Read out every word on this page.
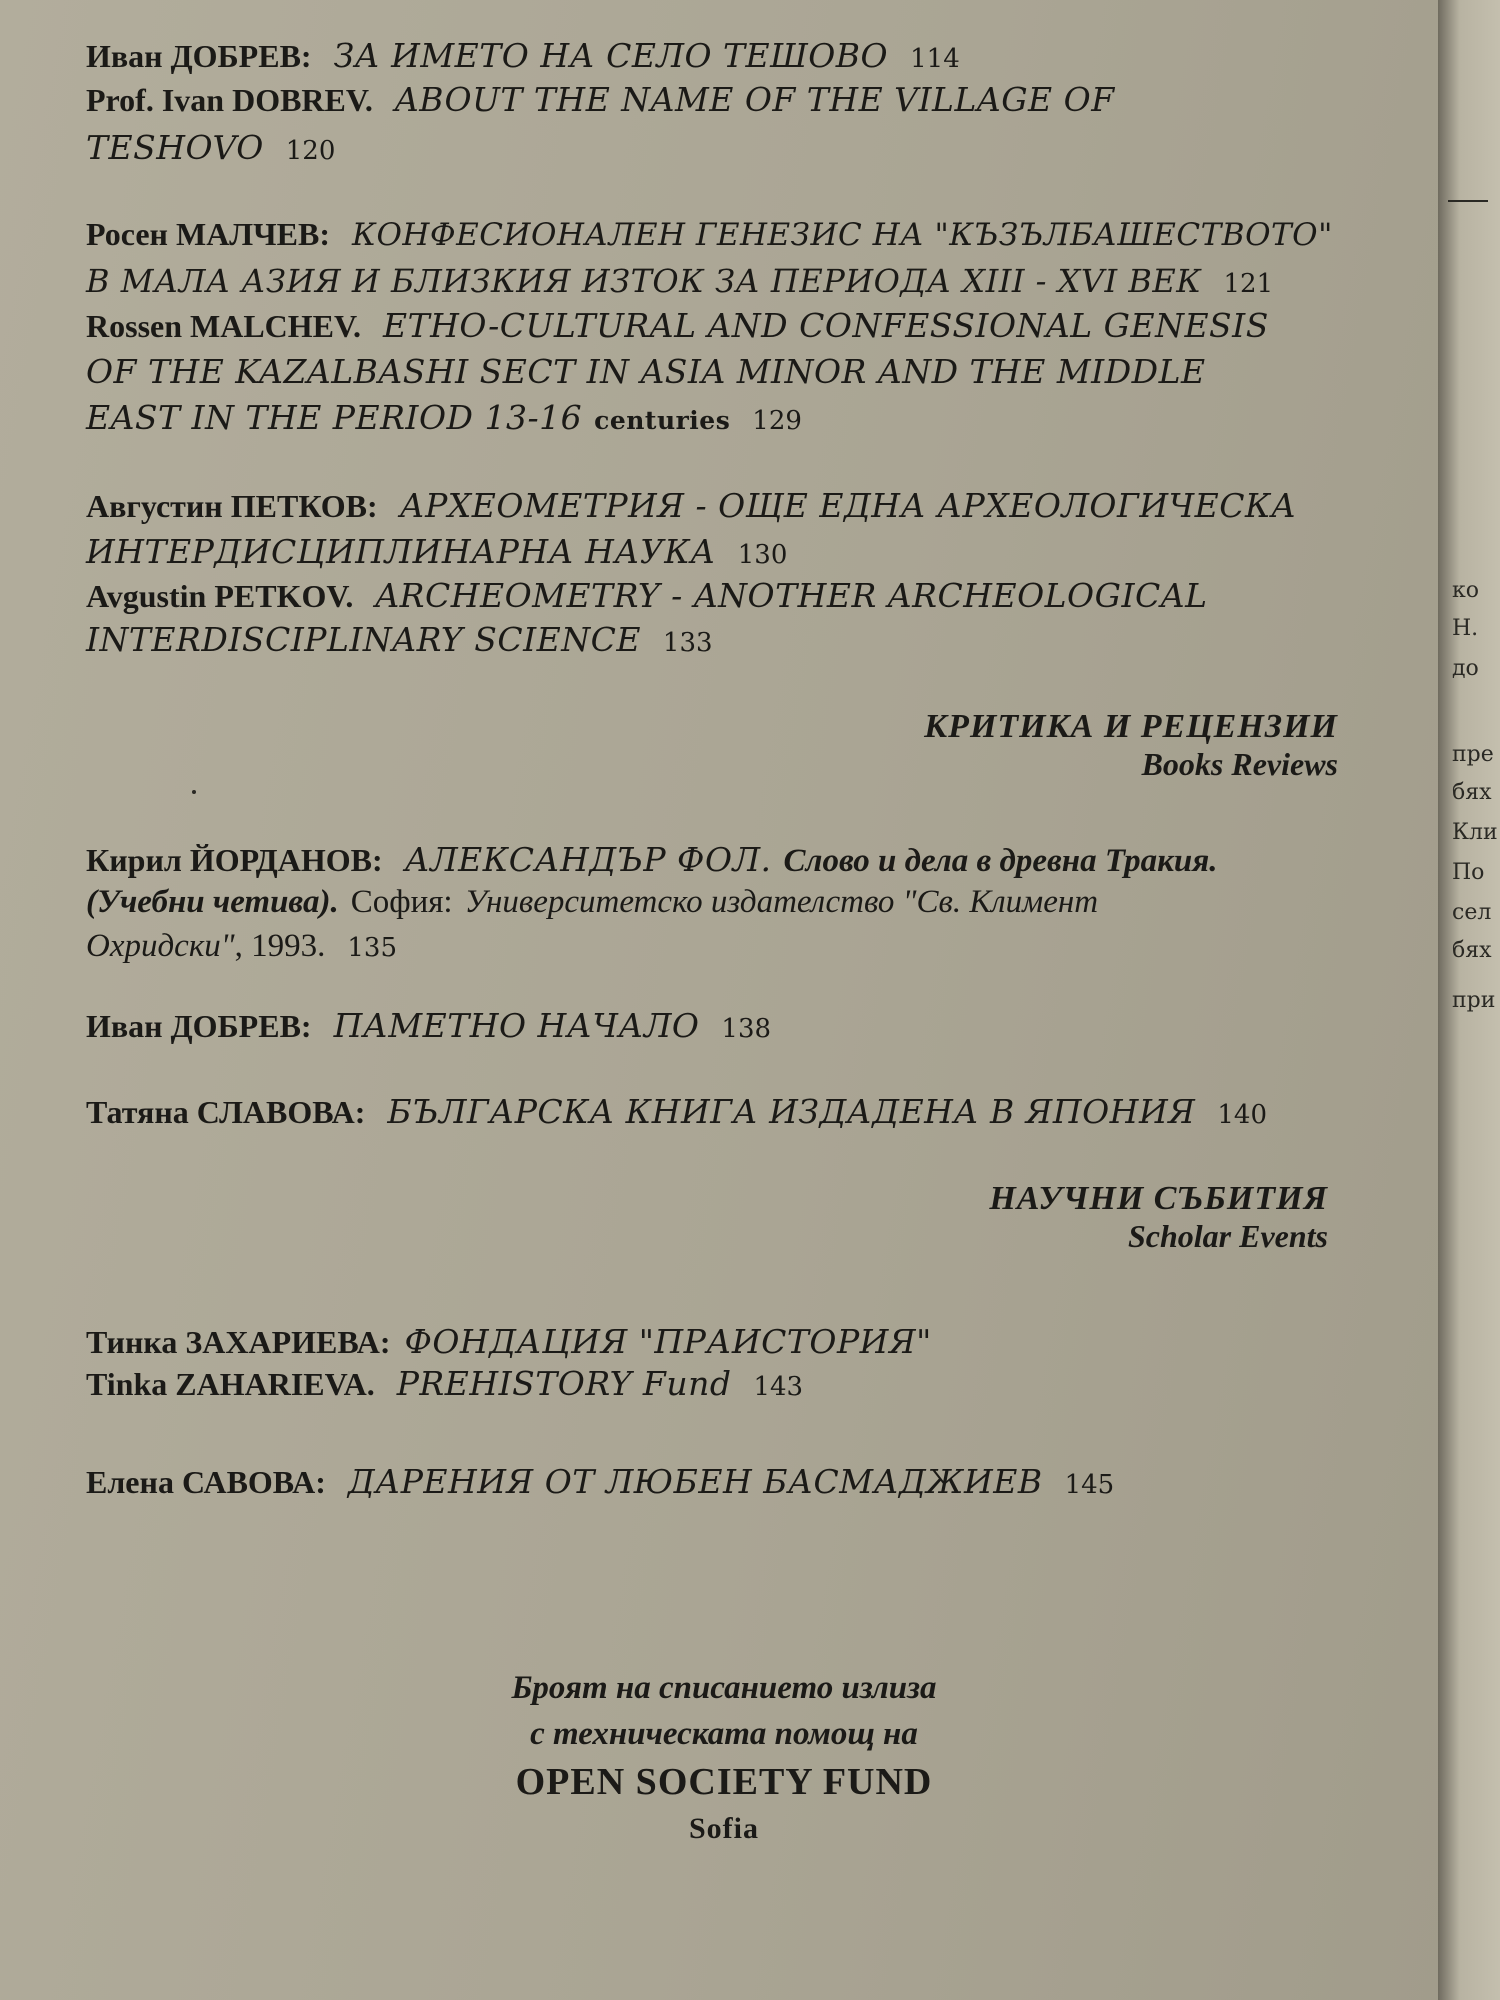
Иван ДОБРЕВ: ЗА ИМЕТО НА СЕЛО ТЕШОВО 114
Prof. Ivan DOBREV. ABOUT THE NAME OF THE VILLAGE OF
TESHOVO 120
Росен МАЛЧЕВ: КОНФЕСИОНАЛЕН ГЕНЕЗИС НА "КЪЗЪЛБАШЕСТВОТО"
В МАЛА АЗИЯ И БЛИЗКИЯ ИЗТОК ЗА ПЕРИОДА XIII - XVI ВЕК 121
Rossen MALCHEV. ETHO-CULTURAL AND CONFESSIONAL GENESIS
OF THE KAZALBASHI SECT IN ASIA MINOR AND THE MIDDLE
EAST IN THE PERIOD 13-16 centuries 129
Августин ПЕТКОВ: АРХЕОМЕТРИЯ - ОЩЕ ЕДНА АРХЕОЛОГИЧЕСКА
ИНТЕРДИСЦИПЛИНАРНА НАУКА 130
Avgustin PETKOV. ARCHEOMETRY - ANOTHER ARCHEOLOGICAL
INTERDISCIPLINARY SCIENCE 133
КРИТИКА И РЕЦЕНЗИИ
Books Reviews
Кирил ЙОРДАНОВ: АЛЕКСАНДЪР ФОЛ. Слово и дела в древна Тракия.
(Учебни четива). София: Университетско издателство "Св. Климент
Охридски" , 1993. 135
Иван ДОБРЕВ: ПАМЕТНО НАЧАЛО 138
Татяна СЛАВОВА: БЪЛГАРСКА КНИГА ИЗДАДЕНА В ЯПОНИЯ 140
НАУЧНИ СЪБИТИЯ
Scholar Events
Тинка ЗАХАРИЕВА: ФОНДАЦИЯ "ПРАИСТОРИЯ"
Tinka ZAHARIEVA. PREHISTORY Fund 143
Елена САВОВА: ДАРЕНИЯ ОТ ЛЮБЕН БАСМАДЖИЕВ 145
Броят на списанието излиза
с техническата помощ на
OPEN SOCIETY FUND
Sofia
ко
Н.
до
пре
бях
Кли
По
сел
бях
при
